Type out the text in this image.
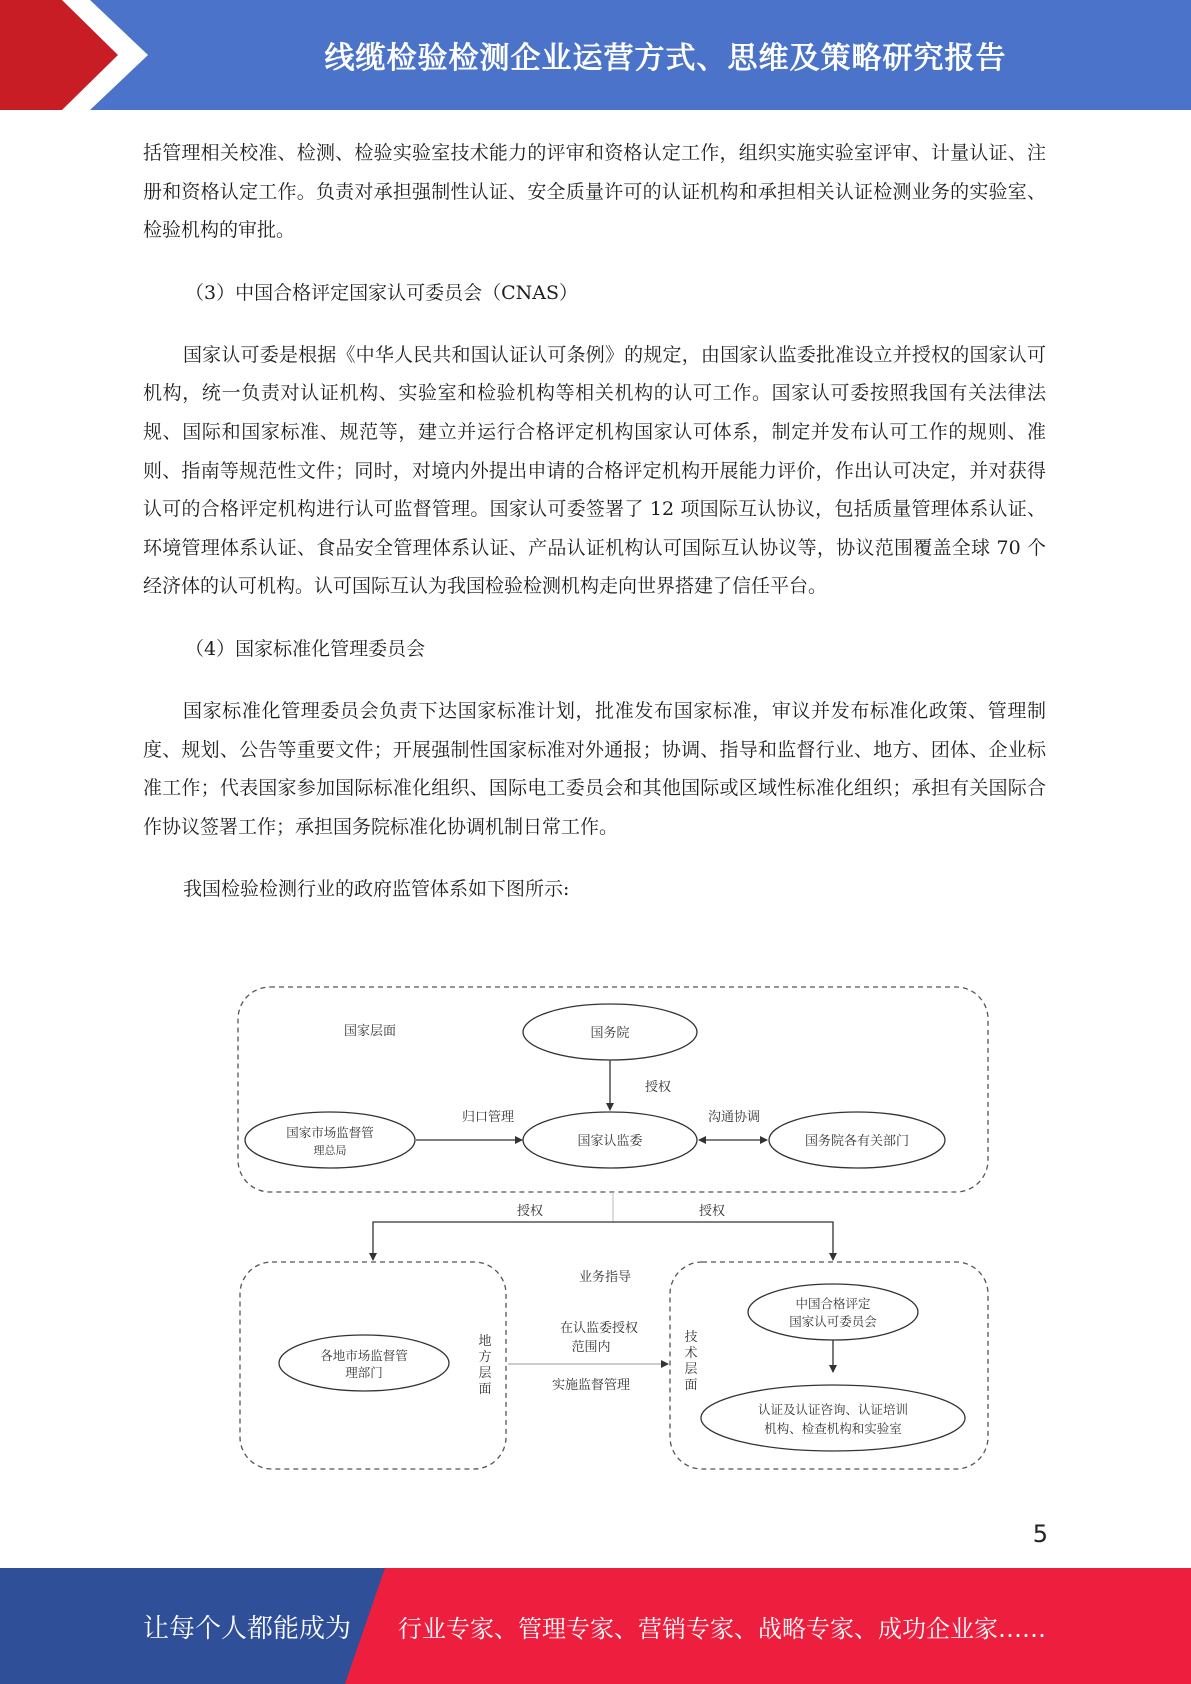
线缆检验检测企业运营方式、思维及策略研究报告

括管理相关校准、检测、检验实验室技术能力的评审和资格认定工作，组织实施实验室评审、计量认证、注册和资格认定工作。负责对承担强制性认证、安全质量许可的认证机构和承担相关认证检测业务的实验室、检验机构的审批。

（3）中国合格评定国家认可委员会（CNAS）

国家认可委是根据《中华人民共和国认证认可条例》的规定，由国家认监委批准设立并授权的国家认可机构，统一负责对认证机构、实验室和检验机构等相关机构的认可工作。国家认可委按照我国有关法律法规、国际和国家标准、规范等，建立并运行合格评定机构国家认可体系，制定并发布认可工作的规则、准则、指南等规范性文件；同时，对境内外提出申请的合格评定机构开展能力评价，作出认可决定，并对获得认可的合格评定机构进行认可监督管理。国家认可委签署了 12 项国际互认协议，包括质量管理体系认证、环境管理体系认证、食品安全管理体系认证、产品认证机构认可国际互认协议等，协议范围覆盖全球 70 个经济体的认可机构。认可国际互认为我国检验检测机构走向世界搭建了信任平台。

（4）国家标准化管理委员会

国家标准化管理委员会负责下达国家标准计划，批准发布国家标准，审议并发布标准化政策、管理制度、规划、公告等重要文件；开展强制性国家标准对外通报；协调、指导和监督行业、地方、团体、企业标准工作；代表国家参加国际标准化组织、国际电工委员会和其他国际或区域性标准化组织；承担有关国际合作协议签署工作；承担国务院标准化协调机制日常工作。

我国检验检测行业的政府监管体系如下图所示:

国家层面	国务院
授权
国家市场监督管
理总局
归口管理
国家认监委
沟通协调
国务院各有关部门
授权	授权
业务指导
各地市场监督管
理部门
地
方
层
面
在认监委授权
范围内
实施监督管理
技
术
层
面
中国合格评定
国家认可委员会
认证及认证咨询、认证培训
机构、检查机构和实验室
5
让每个人都能成为 行业专家、管理专家、营销专家、战略专家、成功企业家……
